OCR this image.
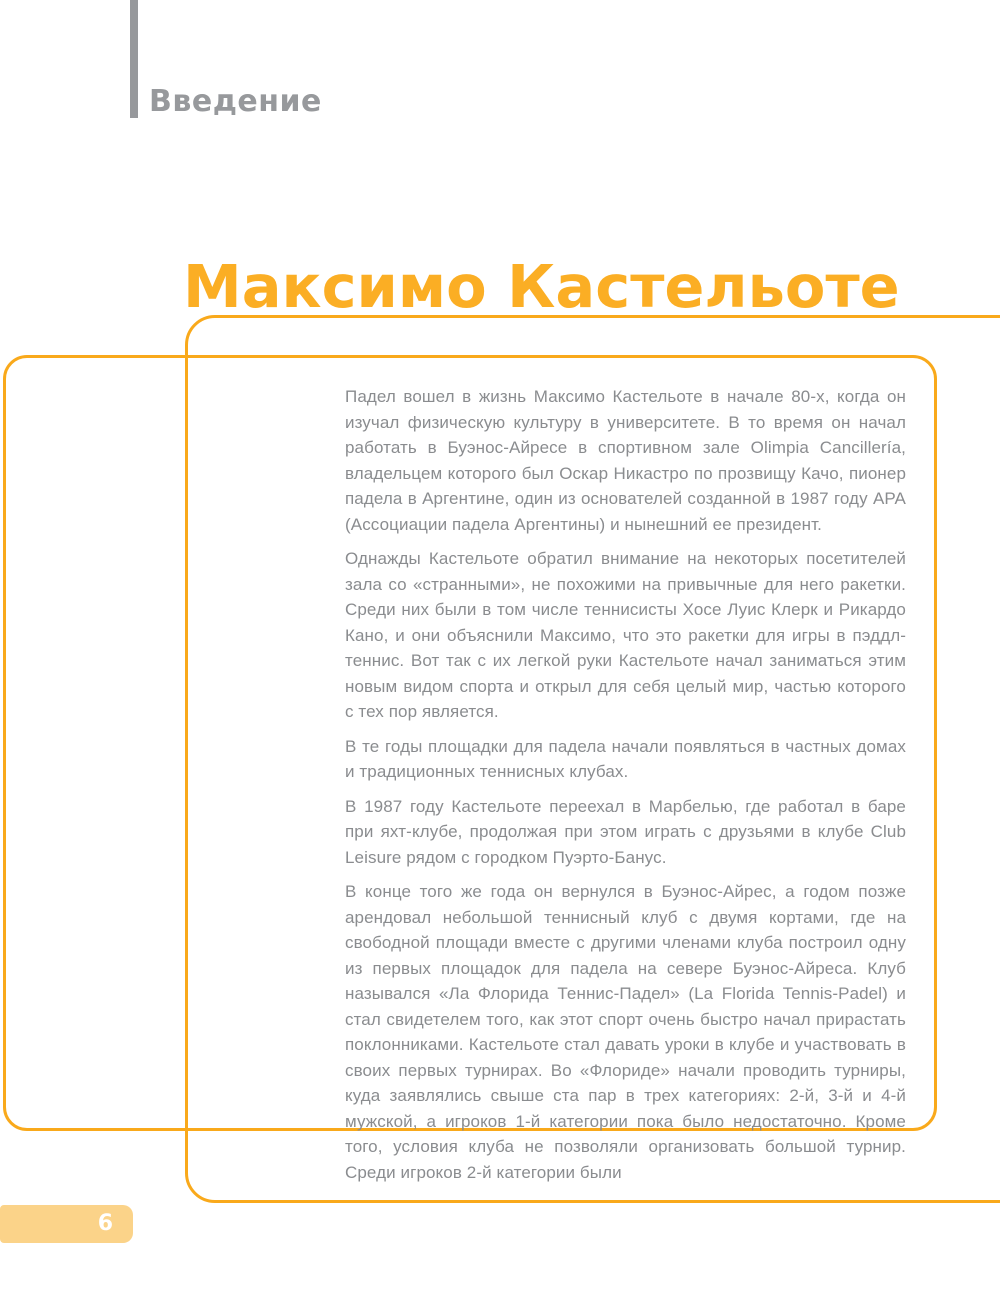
Введение
Максимо Кастельоте

Падел вошел в жизнь Максимо Кастельоте в начале 80-х, когда он изучал физическую культуру в университете. В то время он начал работать в Буэнос-Айресе в спортивном зале Olimpia Cancillería, владельцем которого был Оскар Никастро по прозвищу Качо, пионер падела в Аргентине, один из основателей созданной в 1987 году APA (Ассоциации падела Аргентины) и нынешний ее президент.

Однажды Кастельоте обратил внимание на некоторых посетителей зала со «странными», не похожими на привычные для него ракетки. Среди них были в том числе теннисисты Хосе Луис Клерк и Рикардо Кано, и они объяснили Максимо, что это ракетки для игры в пэддл-теннис. Вот так с их легкой руки Кастельоте начал заниматься этим новым видом спорта и открыл для себя целый мир, частью которого с тех пор является.

В те годы площадки для падела начали появляться в частных домах и традиционных теннисных клубах.

В 1987 году Кастельоте переехал в Марбелью, где работал в баре при яхт-клубе, продолжая при этом играть с друзьями в клубе Club Leisure рядом с городком Пуэрто-Банус.

В конце того же года он вернулся в Буэнос-Айрес, а годом позже арендовал небольшой теннисный клуб с двумя кортами, где на свободной площади вместе с другими членами клуба построил одну из первых площадок для падела на севере Буэнос-Айреса. Клуб назывался «Ла Флорида Теннис-Падел» (La Florida Tennis-Padel) и стал свидетелем того, как этот спорт очень быстро начал прирастать поклонниками. Кастельоте стал давать уроки в клубе и участвовать в своих первых турнирах. Во «Флориде» начали проводить турниры, куда заявлялись свыше ста пар в трех категориях: 2-й, 3-й и 4-й мужской, а игроков 1-й категории пока было недостаточно. Кроме того, условия клуба не позволяли организовать большой турнир. Среди игроков 2-й категории были

6
